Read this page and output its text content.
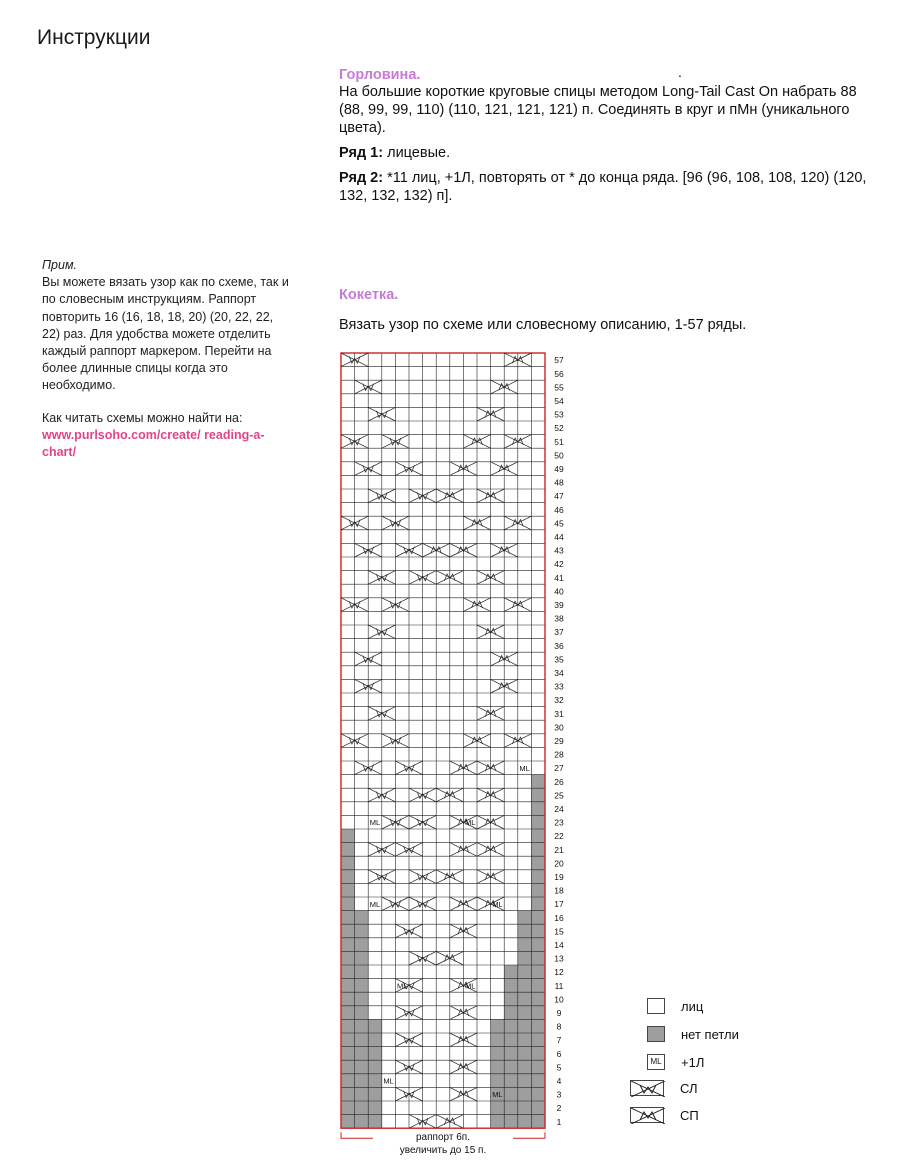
Инструкции
.
Горловина.
На большие короткие круговые спицы методом Long-Tail Cast On набрать 88 (88, 99, 99, 110) (110, 121, 121, 121) п. Соединять в круг и пМн (уникального цвета).
Ряд 1: лицевые.
Ряд 2: *11 лиц, +1Л, повторять от * до конца ряда. [96 (96, 108, 108, 120) (120, 132, 132, 132) п].
Прим.
Вы можете вязать узор как по схеме, так и по словесным инструкциям. Раппорт повторить 16 (16, 18, 18, 20) (20, 22, 22, 22) раз. Для удобства можете отделить каждый раппорт маркером. Перейти на более длинные спицы когда это необходимо.
Как читать схемы можно найти на:
www.purlsoho.com/create/ reading-a-chart/
Кокетка.
Вязать узор по схеме или словесному описанию, 1-57 ряды.
ML
ML	ML
ML	ML
ML	ML
ML
ML
1
2
3
4
5
6
7
8
9
10
11
12
13
14
15
16
17
18
19
20
21
22
23
24
25
26
27
28
29
30
31
32
33
34
35
36
37
38
39
40
41
42
43
44
45
46
47
48
49
50
51
52
53
54
55
56
57
раппорт 6п.
увеличить до 15 п.
лиц
нет петли
ML +1Л
СЛ
СП
